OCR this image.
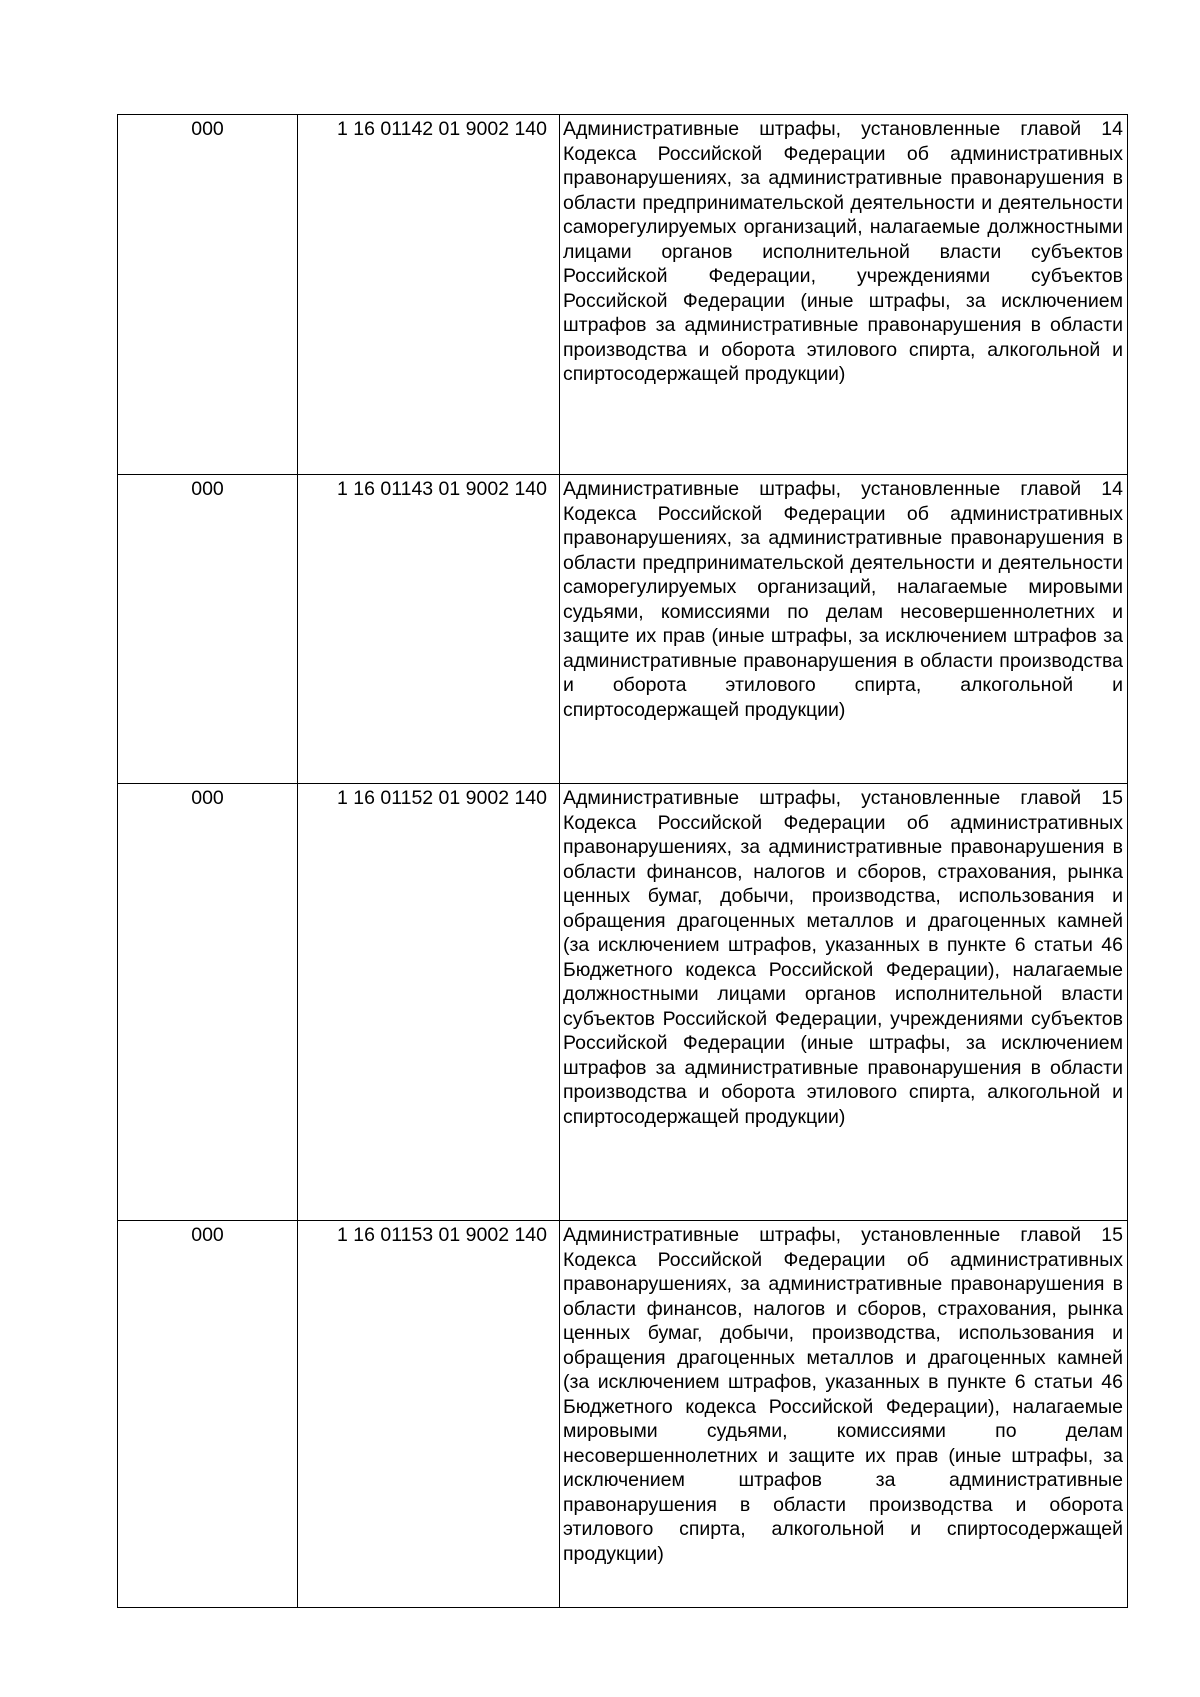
000	1 16 01142 01 9002 140	Административные штрафы, установленные главой 14 Кодекса Российской Федерации об административных правонарушениях, за административные правонарушения в области предпринимательской деятельности и деятельности саморегулируемых организаций, налагаемые должностными лицами органов исполнительной власти субъектов Российской Федерации, учреждениями субъектов Российской Федерации (иные штрафы, за исключением штрафов за административные правонарушения в области производства и оборота этилового спирта, алкогольной и спиртосодержащей продукции)
000	1 16 01143 01 9002 140	Административные штрафы, установленные главой 14 Кодекса Российской Федерации об административных правонарушениях, за административные правонарушения в области предпринимательской деятельности и деятельности саморегулируемых организаций, налагаемые мировыми судьями, комиссиями по делам несовершеннолетних и защите их прав (иные штрафы, за исключением штрафов за административные правонарушения в области производства и оборота этилового спирта, алкогольной и спиртосодержащей продукции)
000	1 16 01152 01 9002 140	Административные штрафы, установленные главой 15 Кодекса Российской Федерации об административных правонарушениях, за административные правонарушения в области финансов, налогов и сборов, страхования, рынка ценных бумаг, добычи, производства, использования и обращения драгоценных металлов и драгоценных камней (за исключением штрафов, указанных в пункте 6 статьи 46 Бюджетного кодекса Российской Федерации), налагаемые должностными лицами органов исполнительной власти субъектов Российской Федерации, учреждениями субъектов Российской Федерации (иные штрафы, за исключением штрафов за административные правонарушения в области производства и оборота этилового спирта, алкогольной и спиртосодержащей продукции)
000	1 16 01153 01 9002 140	Административные штрафы, установленные главой 15 Кодекса Российской Федерации об административных правонарушениях, за административные правонарушения в области финансов, налогов и сборов, страхования, рынка ценных бумаг, добычи, производства, использования и обращения драгоценных металлов и драгоценных камней (за исключением штрафов, указанных в пункте 6 статьи 46 Бюджетного кодекса Российской Федерации), налагаемые мировыми судьями, комиссиями по делам несовершеннолетних и защите их прав (иные штрафы, за исключением штрафов за административные правонарушения в области производства и оборота этилового спирта, алкогольной и спиртосодержащей продукции)
